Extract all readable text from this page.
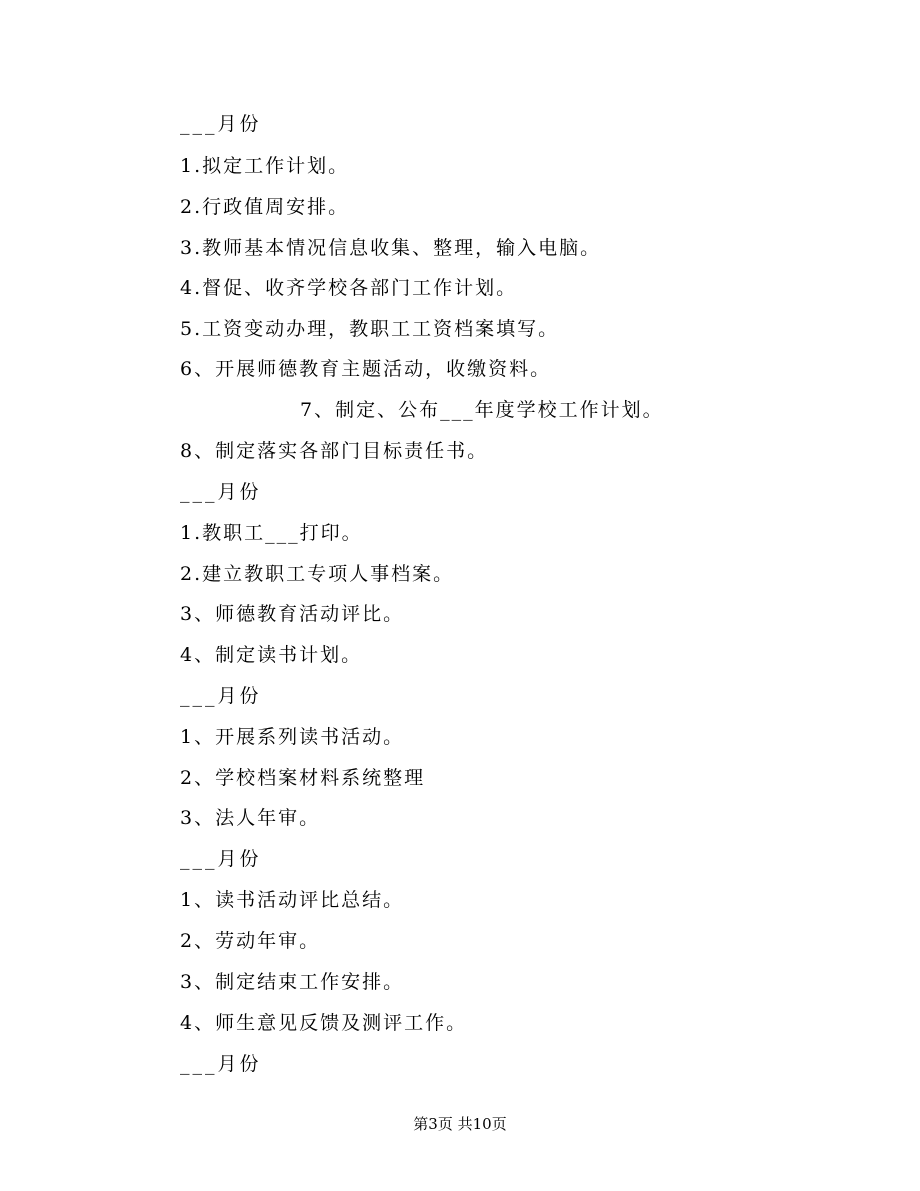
___月份
1.拟定工作计划。
2.行政值周安排。
3.教师基本情况信息收集、整理，输入电脑。
4.督促、收齐学校各部门工作计划。
5.工资变动办理，教职工工资档案填写。
6、开展师德教育主题活动，收缴资料。
7、制定、公布___年度学校工作计划。
8、制定落实各部门目标责任书。
___月份
1.教职工___打印。
2.建立教职工专项人事档案。
3、师德教育活动评比。
4、制定读书计划。
___月份
1、开展系列读书活动。
2、学校档案材料系统整理
3、法人年审。
___月份
1、读书活动评比总结。
2、劳动年审。
3、制定结束工作安排。
4、师生意见反馈及测评工作。
___月份
第3页 共10页
